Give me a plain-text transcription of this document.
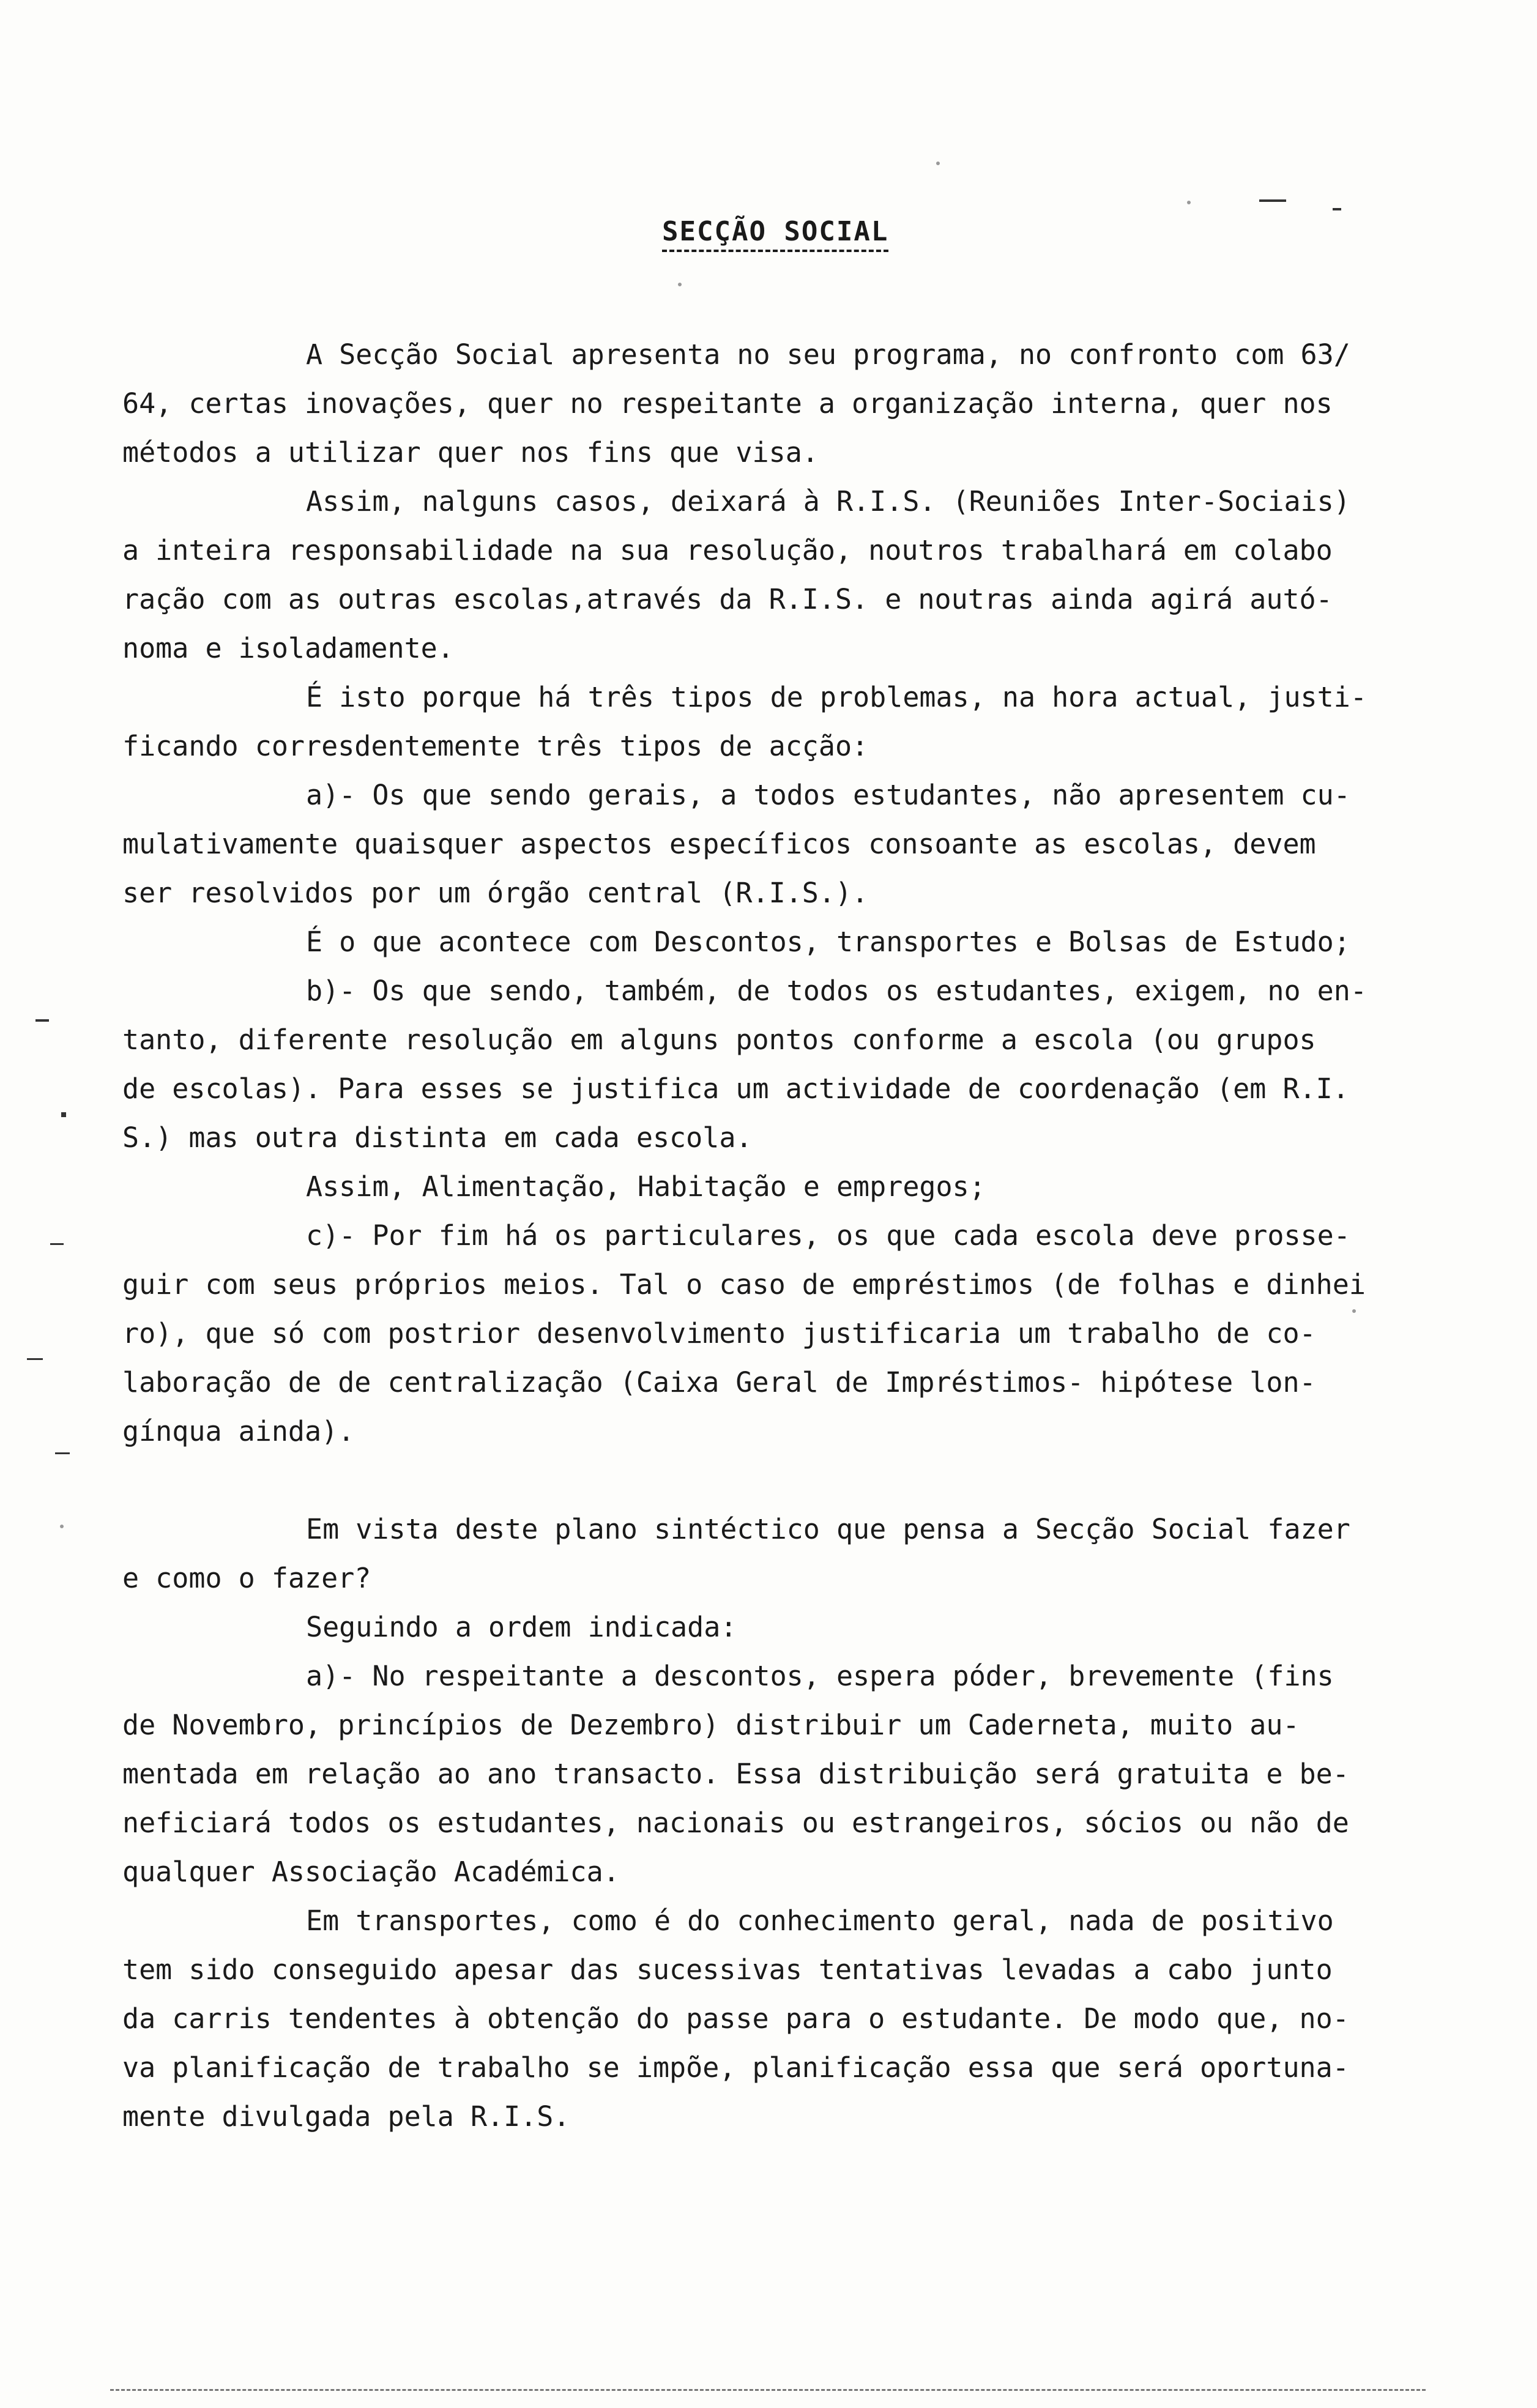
SECÇÃO SOCIAL
A Secção Social apresenta no seu programa, no confronto com 63/
64, certas inovações, quer no respeitante a organização interna, quer nos
métodos a utilizar quer nos fins que visa.
Assim, nalguns casos, deixará à R.I.S. (Reuniões Inter-Sociais)
a inteira responsabilidade na sua resolução, noutros trabalhará em colabo
ração com as outras escolas,através da R.I.S. e noutras ainda agirá autó-
noma e isoladamente.
É isto porque há três tipos de problemas, na hora actual, justi-
ficando corresdentemente três tipos de acção:
a)- Os que sendo gerais, a todos estudantes, não apresentem cu-
mulativamente quaisquer aspectos específicos consoante as escolas, devem
ser resolvidos por um órgão central (R.I.S.).
É o que acontece com Descontos, transportes e Bolsas de Estudo;
b)- Os que sendo, também, de todos os estudantes, exigem, no en-
tanto, diferente resolução em alguns pontos conforme a escola (ou grupos
de escolas). Para esses se justifica um actividade de coordenação (em R.I.
S.) mas outra distinta em cada escola.
Assim, Alimentação, Habitação e empregos;
c)- Por fim há os particulares, os que cada escola deve prosse-
guir com seus próprios meios. Tal o caso de empréstimos (de folhas e dinhei
ro), que só com postrior desenvolvimento justificaria um trabalho de co-
laboração de de centralização (Caixa Geral de Impréstimos- hipótese lon-
gínqua ainda).
Em vista deste plano sintéctico que pensa a Secção Social fazer
e como o fazer?
Seguindo a ordem indicada:
a)- No respeitante a descontos, espera póder, brevemente (fins
de Novembro, princípios de Dezembro) distribuir um Caderneta, muito au-
mentada em relação ao ano transacto. Essa distribuição será gratuita e be-
neficiará todos os estudantes, nacionais ou estrangeiros, sócios ou não de
qualquer Associação Académica.
Em transportes, como é do conhecimento geral, nada de positivo
tem sido conseguido apesar das sucessivas tentativas levadas a cabo junto
da carris tendentes à obtenção do passe para o estudante. De modo que, no-
va planificação de trabalho se impõe, planificação essa que será oportuna-
mente divulgada pela R.I.S.
